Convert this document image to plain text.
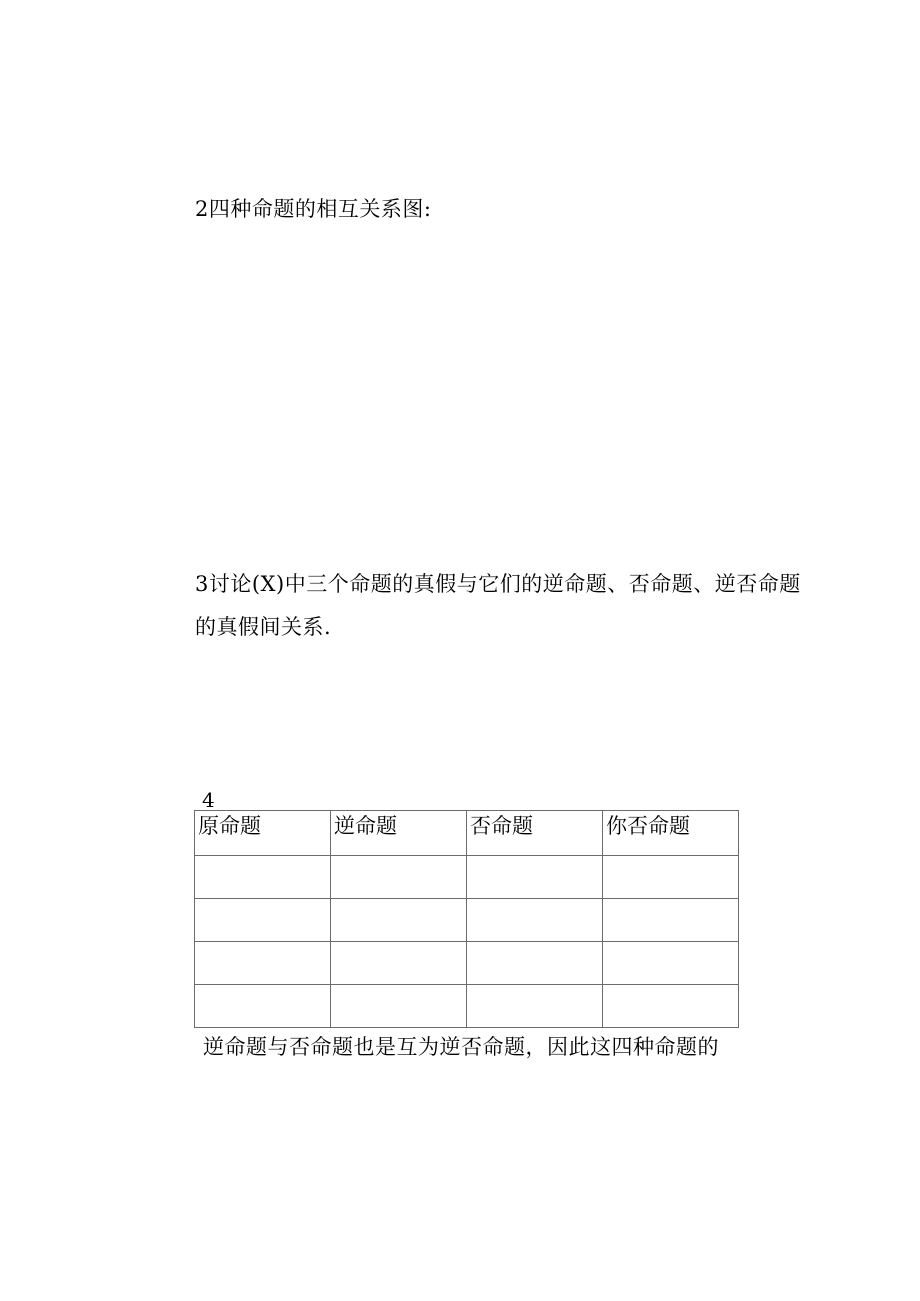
2四种命题的相互关系图:
3讨论(X)中三个命题的真假与它们的逆命题、否命题、逆否命题
的真假间关系.
4
原命题	逆命题	否命题	你否命题

逆命题与否命题也是互为逆否命题，因此这四种命题的
